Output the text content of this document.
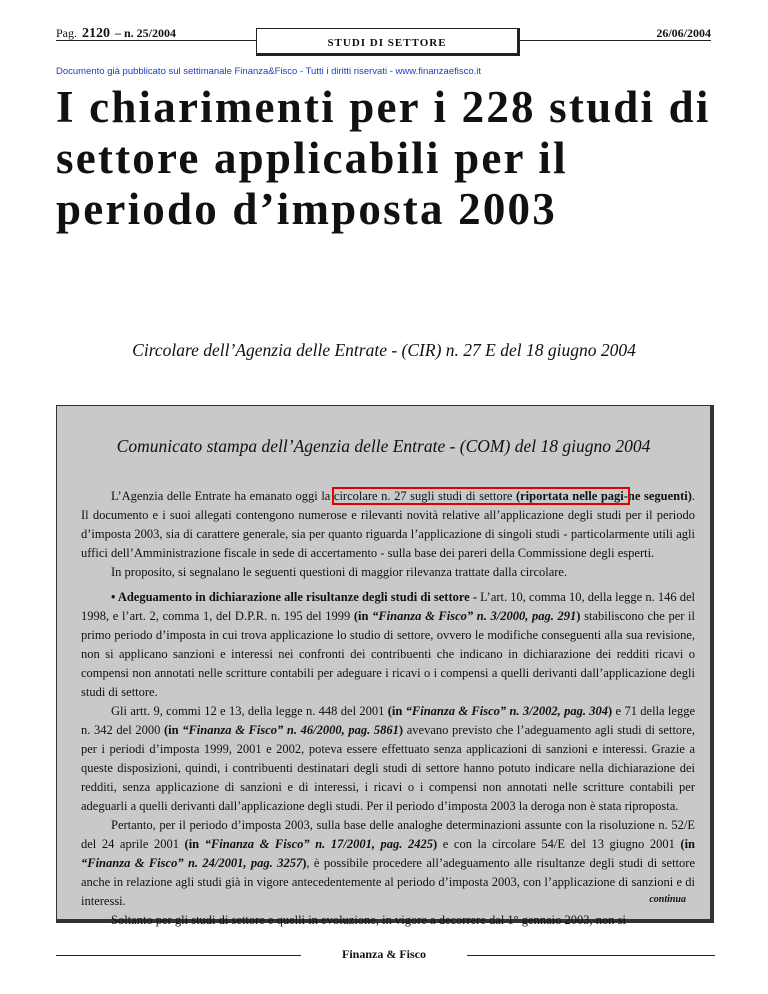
Pag. 2120 – n. 25/2004
STUDI DI SETTORE
26/06/2004
Documento già pubblicato sul settimanale Finanza&Fisco - Tutti i diritti riservati - www.finanzaefisco.it
I chiarimenti per i 228 studi di settore applicabili per il periodo d’imposta 2003
Circolare dell’Agenzia delle Entrate - (CIR) n. 27 E del 18 giugno 2004
Comunicato stampa dell’Agenzia delle Entrate - (COM) del 18 giugno 2004

L’Agenzia delle Entrate ha emanato oggi la circolare n. 27 sugli studi di settore (riportata nelle pagi-ne seguenti). Il documento e i suoi allegati contengono numerose e rilevanti novità relative all’applicazione degli studi per il periodo d’imposta 2003, sia di carattere generale, sia per quanto riguarda l’applicazione di singoli studi - particolarmente utili agli uffici dell’Amministrazione fiscale in sede di accertamento - sulla base dei pareri della Commissione degli esperti.

In proposito, si segnalano le seguenti questioni di maggior rilevanza trattate dalla circolare.

• Adeguamento in dichiarazione alle risultanze degli studi di settore - L’art. 10, comma 10, della legge n. 146 del 1998, e l’art. 2, comma 1, del D.P.R. n. 195 del 1999 (in “Finanza & Fisco” n. 3/2000, pag. 291) stabiliscono che per il primo periodo d’imposta in cui trova applicazione lo studio di settore, ovvero le modifiche conseguenti alla sua revisione, non si applicano sanzioni e interessi nei confronti dei contribuenti che indicano in dichiarazione dei redditi ricavi o compensi non annotati nelle scritture contabili per adeguare i ricavi o i compensi a quelli derivanti dall’applicazione degli studi di settore.

Gli artt. 9, commi 12 e 13, della legge n. 448 del 2001 (in “Finanza & Fisco” n. 3/2002, pag. 304) e 71 della legge n. 342 del 2000 (in “Finanza & Fisco” n. 46/2000, pag. 5861) avevano previsto che l’adeguamento agli studi di settore, per i periodi d’imposta 1999, 2001 e 2002, poteva essere effettuato senza applicazioni di sanzioni e interessi. Grazie a queste disposizioni, quindi, i contribuenti destinatari degli studi di settore hanno potuto indicare nella dichiarazione dei redditi, senza applicazione di sanzioni e di interessi, i ricavi o i compensi non annotati nelle scritture contabili per adeguarli a quelli derivanti dall’applicazione degli studi. Per il periodo d’imposta 2003 la deroga non è stata riproposta.

Pertanto, per il periodo d’imposta 2003, sulla base delle analoghe determinazioni assunte con la risoluzione n. 52/E del 24 aprile 2001 (in “Finanza & Fisco” n. 17/2001, pag. 2425) e con la circolare 54/E del 13 giugno 2001 (in “Finanza & Fisco” n. 24/2001, pag. 3257), è possibile procedere all’adeguamento alle risultanze degli studi di settore anche in relazione agli studi già in vigore antecedentemente al periodo d’imposta 2003, con l’applicazione di sanzioni e di interessi.

Soltanto per gli studi di settore e quelli in evoluzione, in vigore a decorrere dal 1° gennaio 2003, non si

continua
Finanza & Fisco
